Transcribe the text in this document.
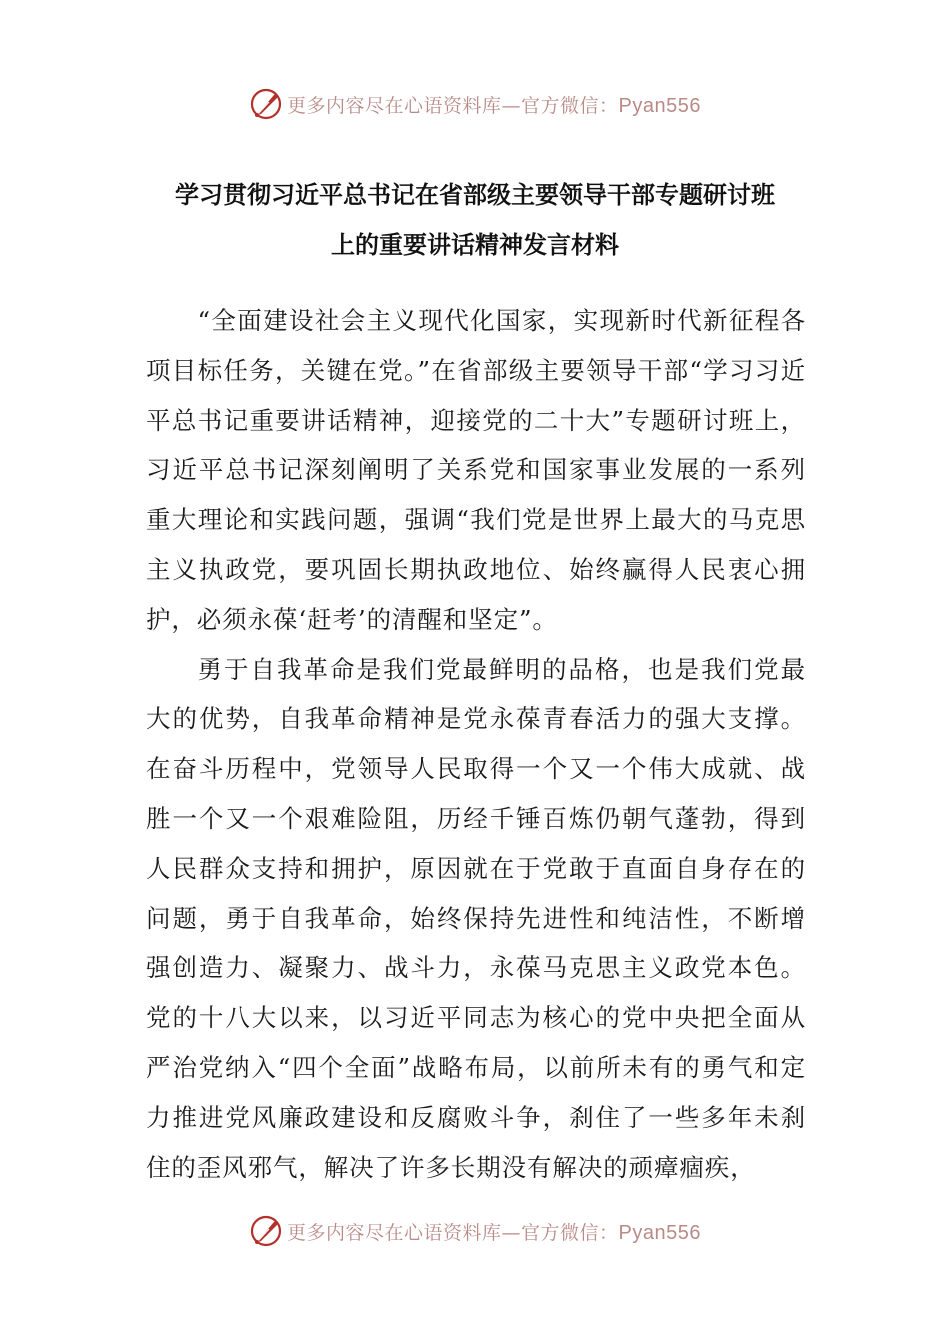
更多内容尽在心语资料库—官方微信：Pyan556
学习贯彻习近平总书记在省部级主要领导干部专题研讨班
上的重要讲话精神发言材料

“全面建设社会主义现代化国家，实现新时代新征程各项目标任务，关键在党。”在省部级主要领导干部“学习习近平总书记重要讲话精神，迎接党的二十大”专题研讨班上，习近平总书记深刻阐明了关系党和国家事业发展的一系列重大理论和实践问题，强调“我们党是世界上最大的马克思主义执政党，要巩固长期执政地位、始终赢得人民衷心拥护，必须永葆‘赶考’的清醒和坚定”。

勇于自我革命是我们党最鲜明的品格，也是我们党最大的优势，自我革命精神是党永葆青春活力的强大支撑。在奋斗历程中，党领导人民取得一个又一个伟大成就、战胜一个又一个艰难险阻，历经千锤百炼仍朝气蓬勃，得到人民群众支持和拥护，原因就在于党敢于直面自身存在的问题，勇于自我革命，始终保持先进性和纯洁性，不断增强创造力、凝聚力、战斗力，永葆马克思主义政党本色。党的十八大以来，以习近平同志为核心的党中央把全面从严治党纳入“四个全面”战略布局，以前所未有的勇气和定力推进党风廉政建设和反腐败斗争，刹住了一些多年未刹住的歪风邪气，解决了许多长期没有解决的顽瘴痼疾，

更多内容尽在心语资料库—官方微信：Pyan556
